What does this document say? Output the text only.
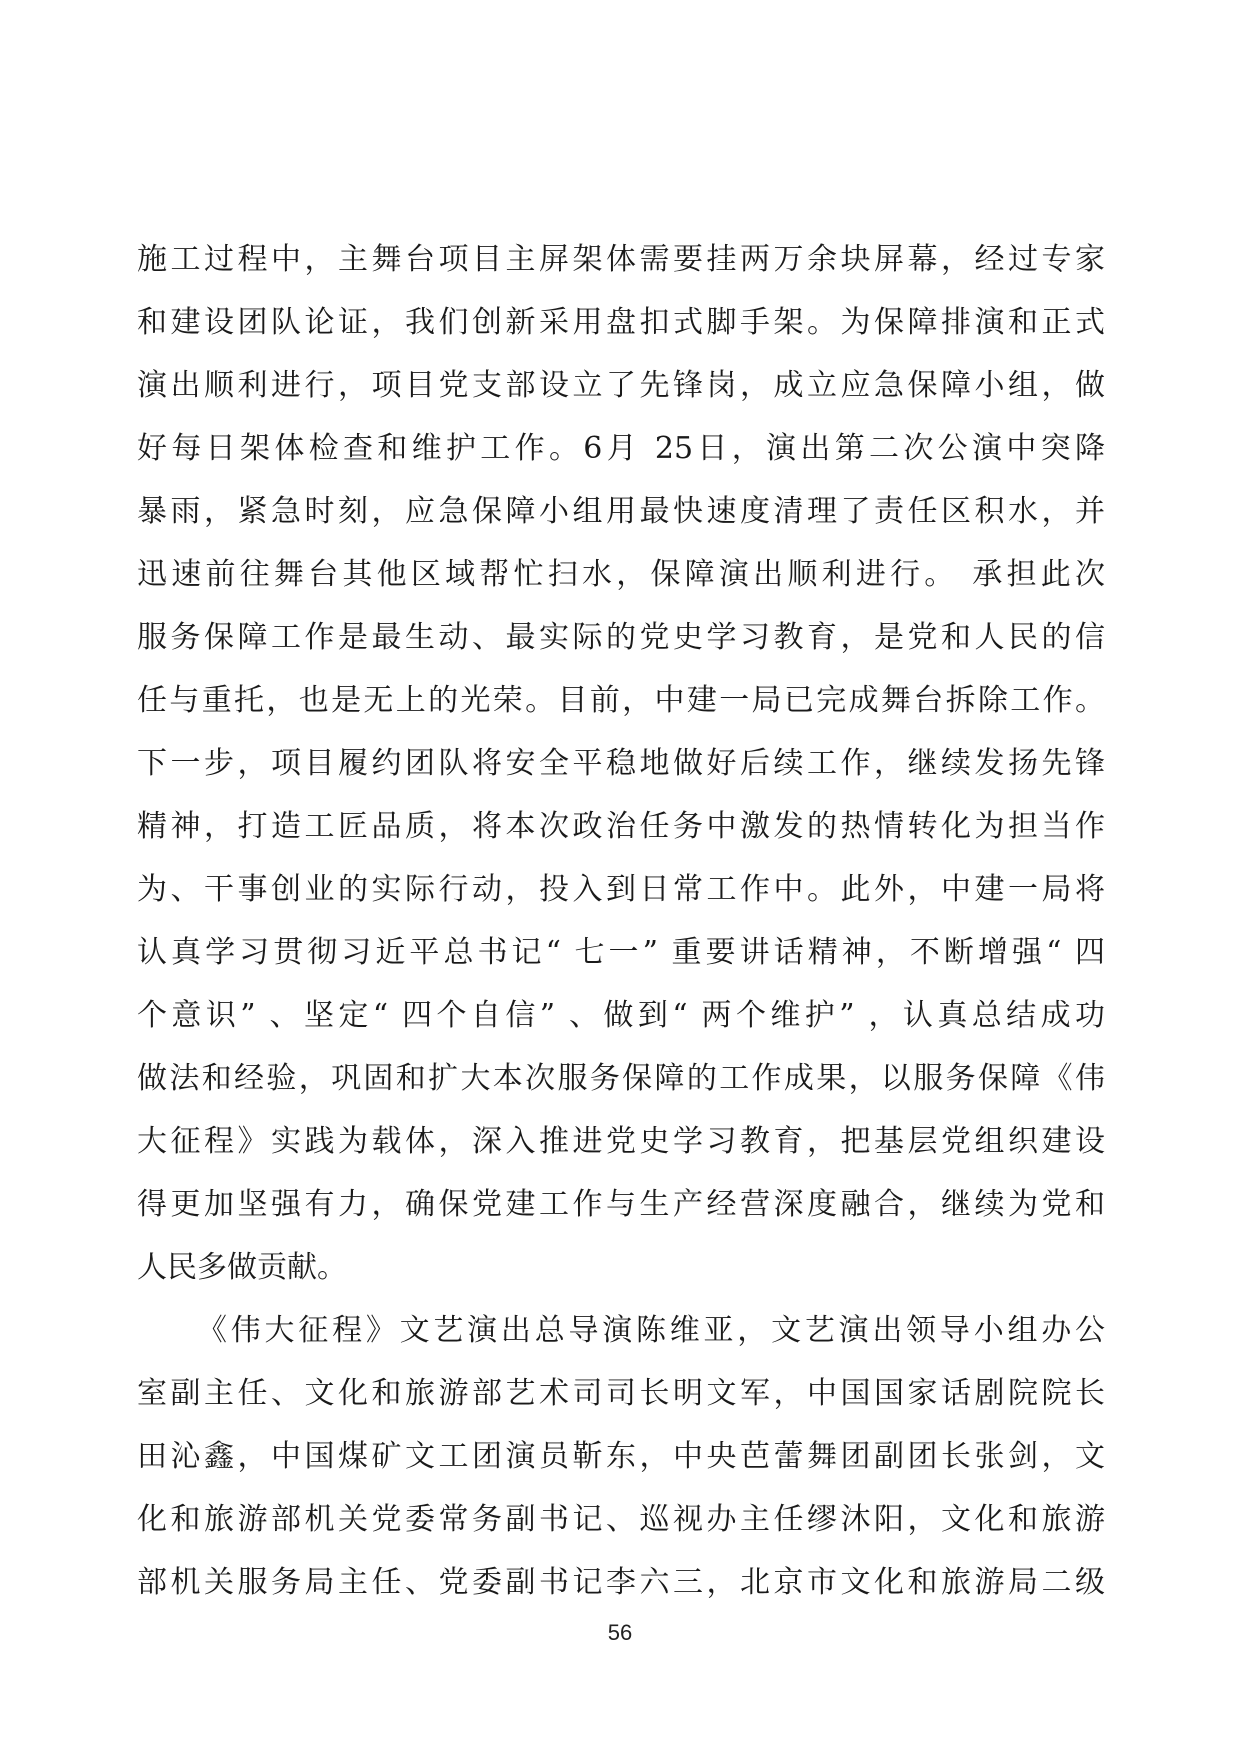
施工过程中，主舞台项目主屏架体需要挂两万余块屏幕，经过专家
和建设团队论证，我们创新采用盘扣式脚手架。为保障排演和正式
演出顺利进行，项目党支部设立了先锋岗，成立应急保障小组，做
好每日架体检查和维护工作。6月 25日，演出第二次公演中突降
暴雨，紧急时刻，应急保障小组用最快速度清理了责任区积水，并
迅速前往舞台其他区域帮忙扫水，保障演出顺利进行。 承担此次
服务保障工作是最生动、最实际的党史学习教育，是党和人民的信
任与重托，也是无上的光荣。目前，中建一局已完成舞台拆除工作。
下一步，项目履约团队将安全平稳地做好后续工作，继续发扬先锋
精神，打造工匠品质，将本次政治任务中激发的热情转化为担当作
为、干事创业的实际行动，投入到日常工作中。此外，中建一局将
认真学习贯彻习近平总书记“ 七一” 重要讲话精神，不断增强“ 四
个意识” 、坚定“ 四个自信” 、做到“ 两个维护” ，认真总结成功
做法和经验，巩固和扩大本次服务保障的工作成果，以服务保障《伟
大征程》实践为载体，深入推进党史学习教育，把基层党组织建设
得更加坚强有力，确保党建工作与生产经营深度融合，继续为党和
人民多做贡献。
《伟大征程》文艺演出总导演陈维亚，文艺演出领导小组办公
室副主任、文化和旅游部艺术司司长明文军，中国国家话剧院院长
田沁鑫，中国煤矿文工团演员靳东，中央芭蕾舞团副团长张剑，文
化和旅游部机关党委常务副书记、巡视办主任缪沐阳，文化和旅游
部机关服务局主任、党委副书记李六三，北京市文化和旅游局二级
56
